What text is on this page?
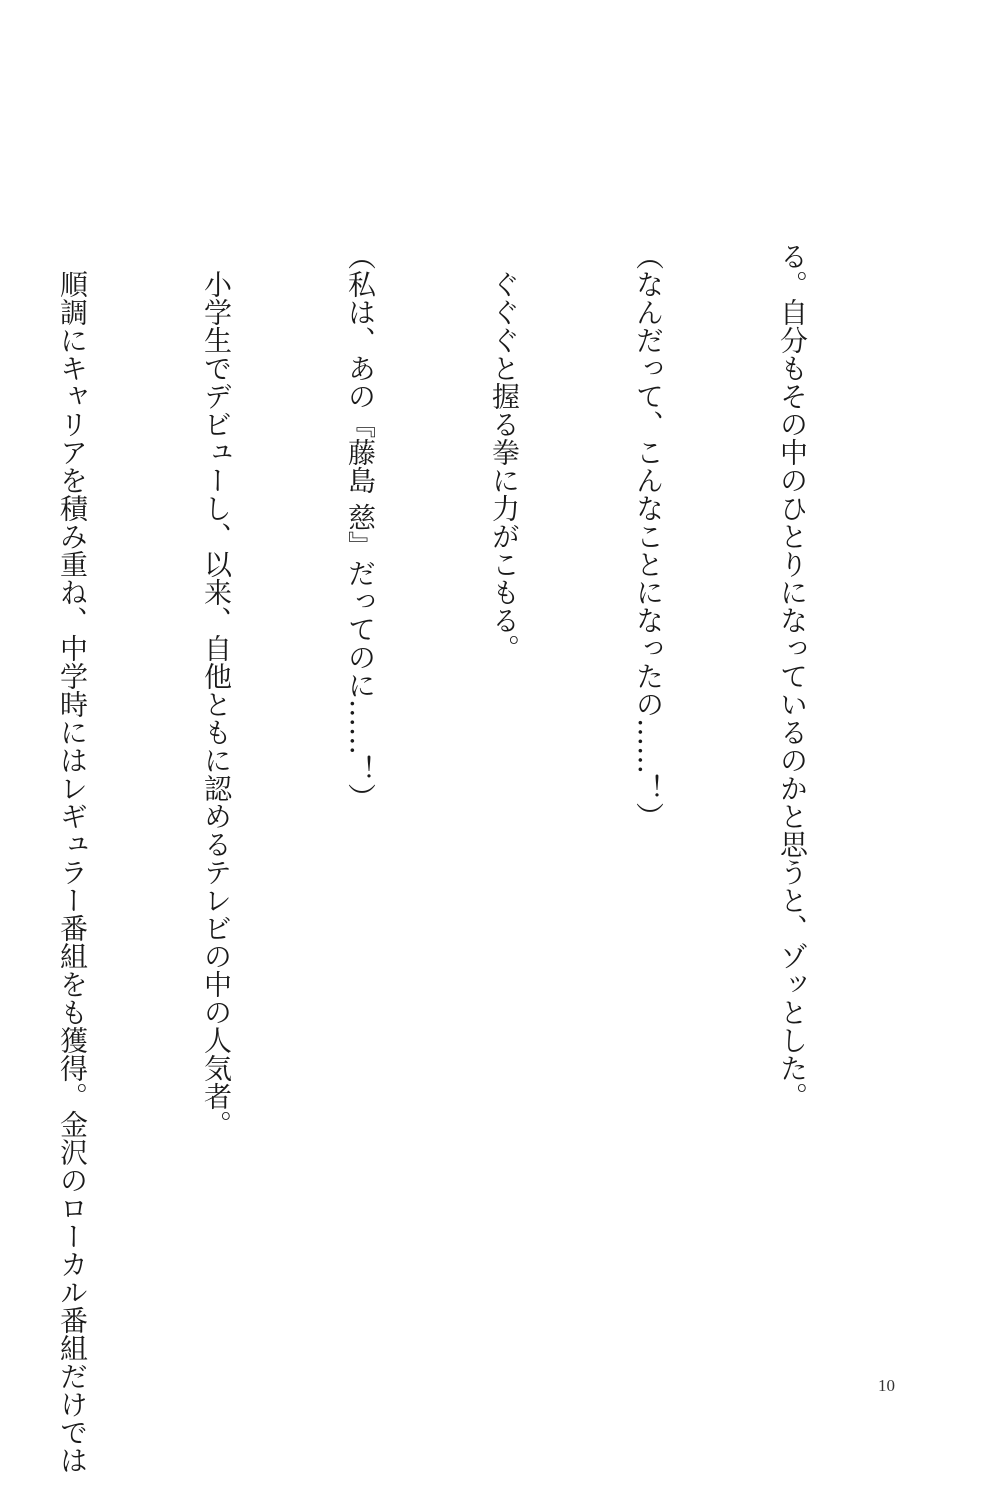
る。自分もその中のひとりになっているのかと思うと、ゾッとした。

（なんだって、こんなことになったの……！）

　ぐぐぐと握る拳に力がこもる。

（私は、あの『藤島 慈』だってのに……！）

　小学生でデビューし、以来、自他ともに認めるテレビの中の人気者。

　順調にキャリアを積み重ね、中学時にはレギュラー番組をも獲得。金沢のローカル番組だけでは

	10
